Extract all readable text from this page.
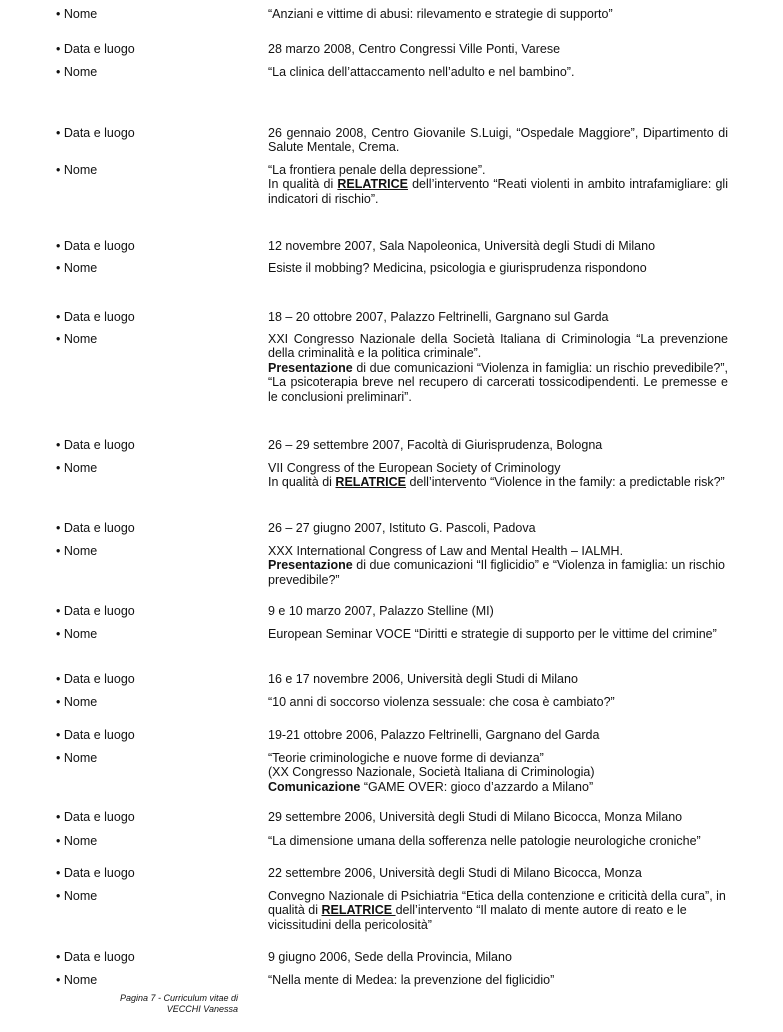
• Nome	“Anziani e vittime di abusi: rilevamento e strategie di supporto”
• Data e luogo	28 marzo 2008, Centro Congressi Ville Ponti, Varese
• Nome	“La clinica dell’attaccamento nell’adulto e nel bambino”.
• Data e luogo	26 gennaio 2008, Centro Giovanile S.Luigi, “Ospedale Maggiore”, Dipartimento di Salute Mentale, Crema.
• Nome	“La frontiera penale della depressione”.
In qualità di RELATRICE dell’intervento “Reati violenti in ambito intrafamigliare: gli indicatori di rischio”.
• Data e luogo	12 novembre 2007, Sala Napoleonica, Università degli Studi di Milano
• Nome	Esiste il mobbing? Medicina, psicologia e giurisprudenza rispondono
• Data e luogo	18 – 20 ottobre 2007, Palazzo Feltrinelli, Gargnano sul Garda
• Nome	XXI Congresso Nazionale della Società Italiana di Criminologia “La prevenzione della criminalità e la politica criminale”.
Presentazione di due comunicazioni “Violenza in famiglia: un rischio prevedibile?”, “La psicoterapia breve nel recupero di carcerati tossicodipendenti. Le premesse e le conclusioni preliminari”.
• Data e luogo	26 – 29 settembre 2007, Facoltà di Giurisprudenza, Bologna
• Nome	VII Congress of the European Society of Criminology
In qualità di RELATRICE dell’intervento “Violence in the family: a predictable risk?”
• Data e luogo	26 – 27 giugno 2007, Istituto G. Pascoli, Padova
• Nome	XXX International Congress of Law and Mental Health – IALMH.
Presentazione di due comunicazioni “Il figlicidio” e “Violenza in famiglia: un rischio prevedibile?”
• Data e luogo	9 e 10 marzo 2007, Palazzo Stelline (MI)
• Nome	European Seminar VOCE “Diritti e strategie di supporto per le vittime del crimine”
• Data e luogo	16 e 17 novembre 2006, Università degli Studi di Milano
• Nome	“10 anni di soccorso violenza sessuale: che cosa è cambiato?”
• Data e luogo	19-21 ottobre 2006, Palazzo Feltrinelli, Gargnano del Garda
• Nome	“Teorie criminologiche e nuove forme di devianza”
(XX Congresso Nazionale, Società Italiana di Criminologia)
Comunicazione “GAME OVER: gioco d’azzardo a Milano”
• Data e luogo	29 settembre 2006, Università degli Studi di Milano Bicocca, Monza Milano
• Nome	“La dimensione umana della sofferenza nelle patologie neurologiche croniche”
• Data e luogo	22 settembre 2006, Università degli Studi di Milano Bicocca, Monza
• Nome	Convegno Nazionale di Psichiatria “Etica della contenzione e criticità della cura”, in qualità di RELATRICE dell’intervento “Il malato di mente autore di reato e le vicissitudini della pericolosità”
• Data e luogo	9 giugno 2006, Sede della Provincia, Milano
• Nome	“Nella mente di Medea: la prevenzione del figlicidio”
Pagina 7 - Curriculum vitae di
VECCHI Vanessa
